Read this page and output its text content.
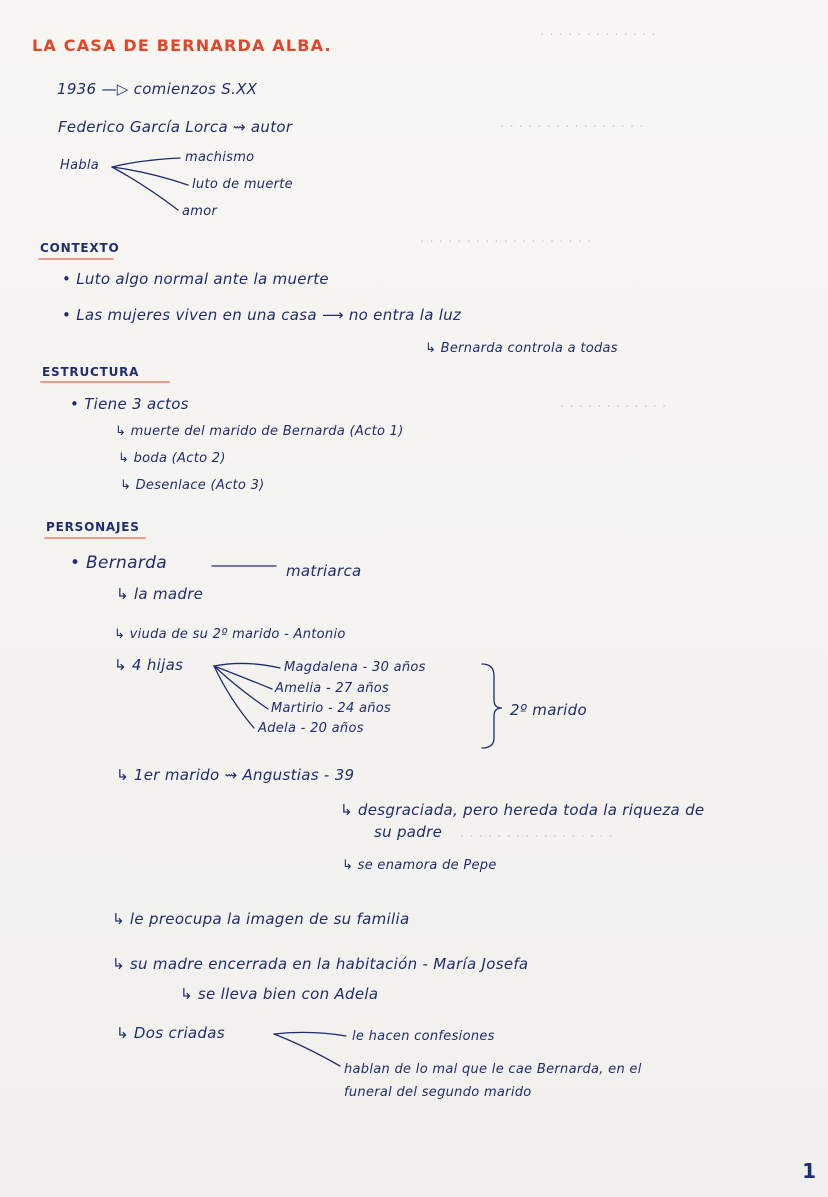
· · · · · · · · · · · · ·
· · · · · · · · · · · · · · · ·
· · · · · · · · · · · · · · · · · · ·
· · · · · · · · · · · ·
· · · · · · · · · · · · · · · · ·
LA CASA DE BERNARDA ALBA.
1936 —▷ comienzos S.XX
Federico García Lorca ⇝ autor
Habla
machismo
luto de muerte
amor
CONTEXTO
• Luto algo normal ante la muerte
• Las mujeres viven en una casa ⟶ no entra la luz
↳ Bernarda controla a todas
ESTRUCTURA
• Tiene 3 actos
↳ muerte del marido de Bernarda (Acto 1)
↳ boda (Acto 2)
↳ Desenlace (Acto 3)
PERSONAJES
• Bernarda	matriarca
↳ la madre
↳ viuda de su 2º marido - Antonio
↳ 4 hijas	Magdalena - 30 años
Amelia - 27 años
Martirio - 24 años
Adela - 20 años
2º marido
↳ 1er marido ⇝ Angustias - 39
↳ desgraciada, pero hereda toda la riqueza de
su padre
↳ se enamora de Pepe
↳ le preocupa la imagen de su familia
↳ su madre encerrada en la habitación - María Josefa
↳ se lleva bien con Adela
↳ Dos criadas	le hacen confesiones
hablan de lo mal que le cae Bernarda, en el
funeral del segundo marido
1
